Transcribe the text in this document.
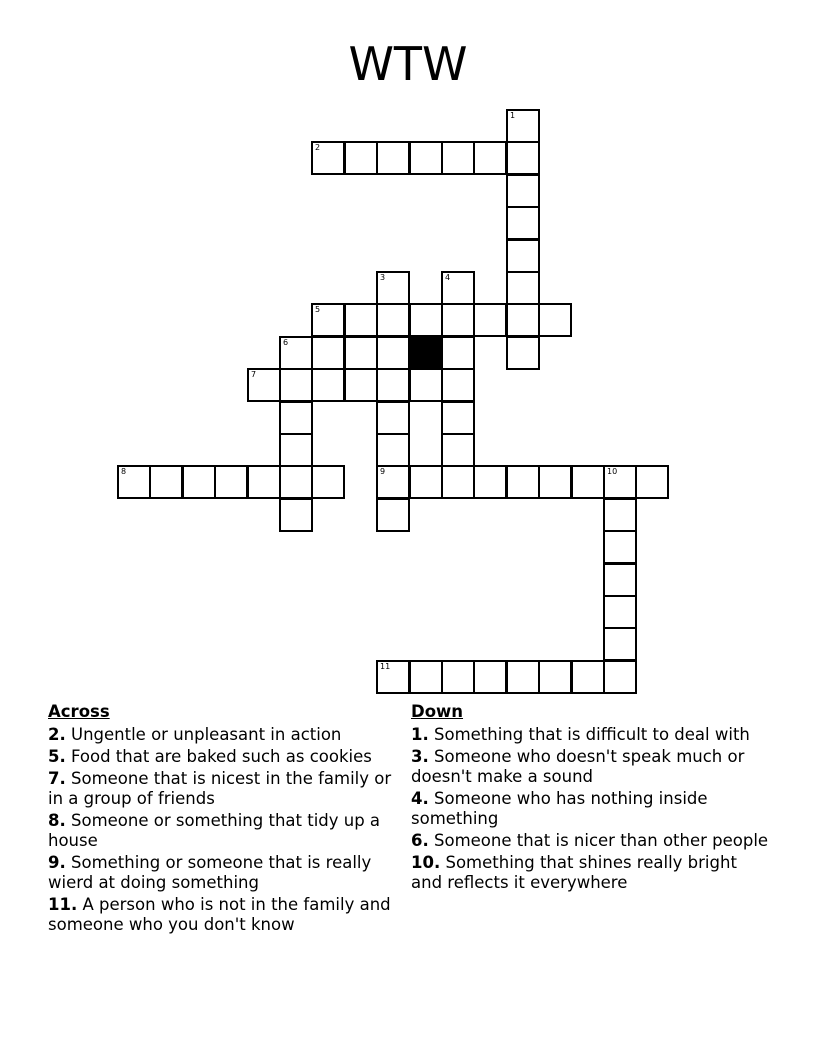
WTW
1
2
3	4
5
6
7
8	9	10
11
Across
2. Ungentle or unpleasant in action
5. Food that are baked such as cookies
7. Someone that is nicest in the family or in a group of friends
8. Someone or something that tidy up a house
9. Something or someone that is really wierd at doing something
11. A person who is not in the family and someone who you don't know
Down
1. Something that is difficult to deal with
3. Someone who doesn't speak much or doesn't make a sound
4. Someone who has nothing inside something
6. Someone that is nicer than other people
10. Something that shines really bright and reflects it everywhere
